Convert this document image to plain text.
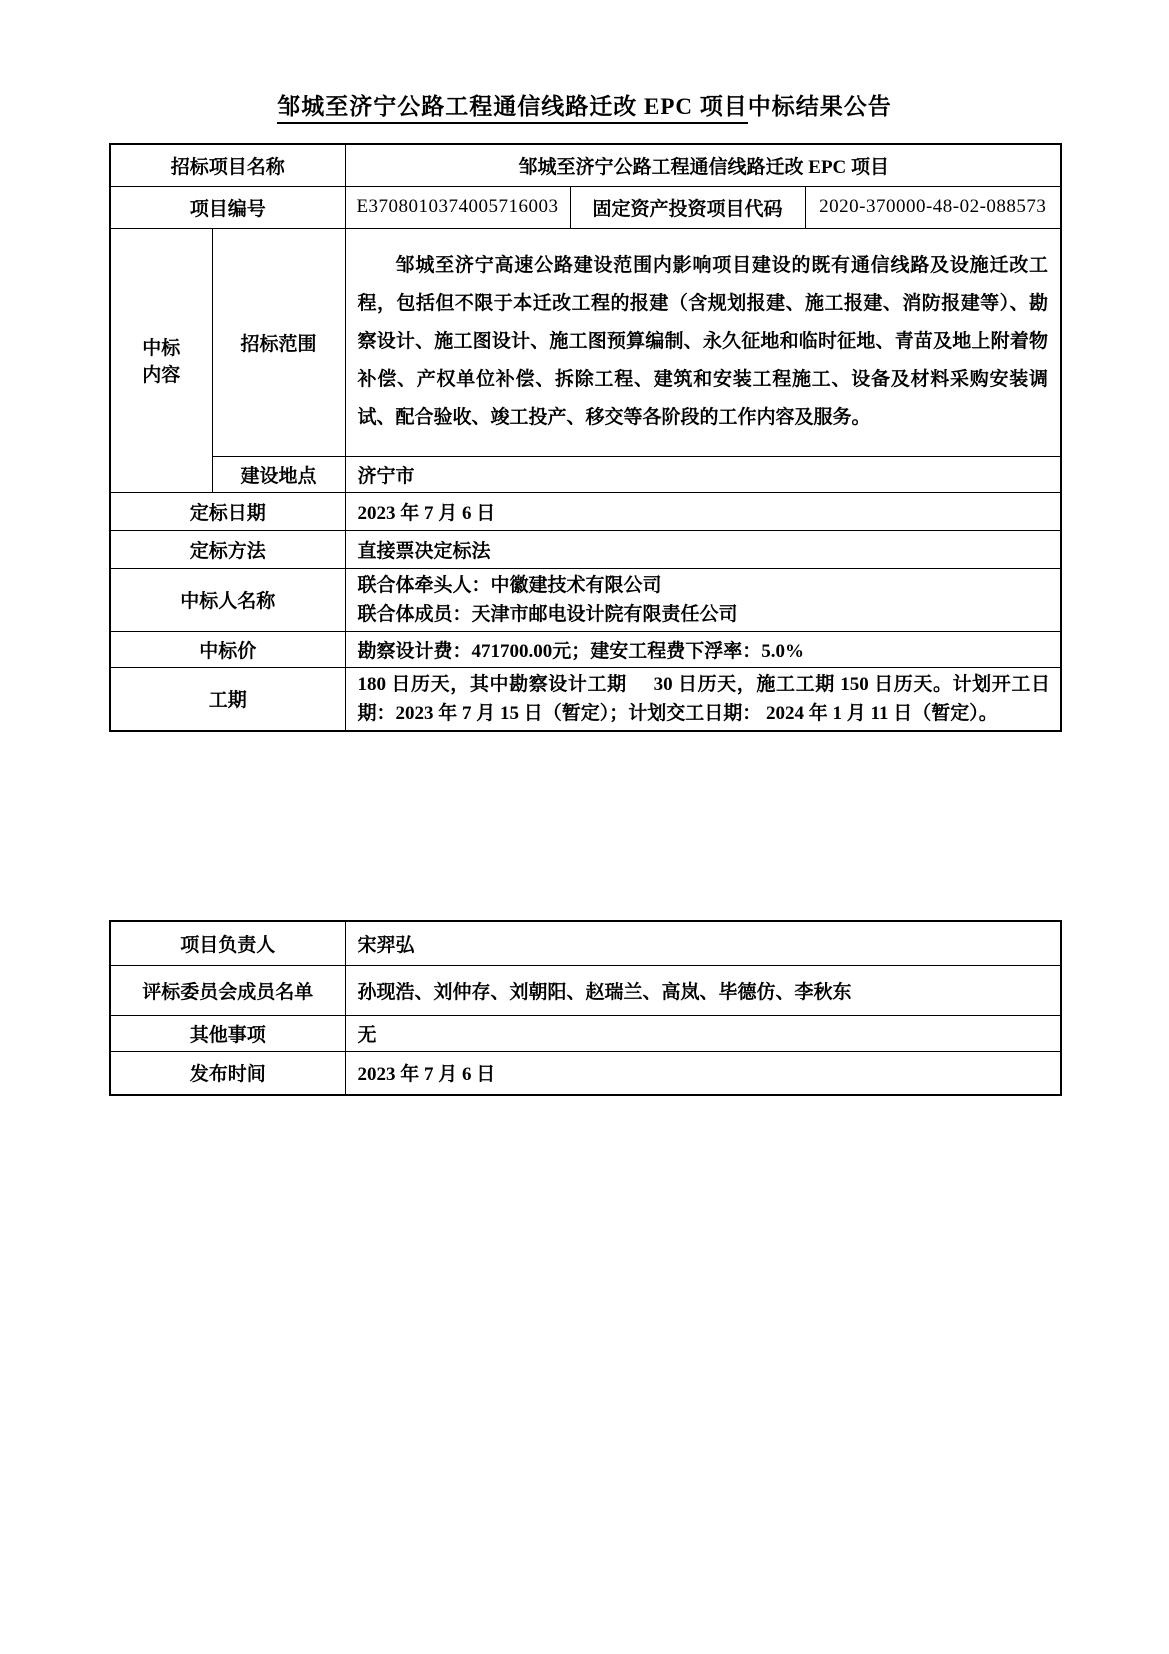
邹城至济宁公路工程通信线路迁改 EPC 项目中标结果公告
招标项目名称		邹城至济宁公路工程通信线路迁改 EPC 项目		
项目编号		E3708010374005716003	固定资产投资项目代码	2020-370000-48-02-088573

中标
内容	招标范围	邹城至济宁高速公路建设范围内影响项目建设的既有通信线路及设施迁改工程，包括但不限于本迁改工程的报建（含规划报建、施工报建、消防报建等）、勘察设计、施工图设计、施工图预算编制、永久征地和临时征地、青苗及地上附着物补偿、产权单位补偿、拆除工程、建筑和安装工程施工、设备及材料采购安装调试、配合验收、竣工投产、移交等各阶段的工作内容及服务。		

	建设地点	济宁市		
定标日期		2023 年 7 月 6 日		
定标方法		直接票决定标法		
中标人名称		联合体牵头人：中徽建技术有限公司
联合体成员：天津市邮电设计院有限责任公司		

中标价		勘察设计费：471700.00元；建安工程费下浮率：5.0%		
工期		180 日历天，其中勘察设计工期     30 日历天，施工工期 150 日历天。计划开工日期：2023 年 7 月 15 日（暂定）；计划交工日期： 2024 年 1 月 11 日（暂定）。		
项目负责人	宋羿弘
评标委员会成员名单	孙现浩、刘仲存、刘朝阳、赵瑞兰、高岚、毕德仿、李秋东
其他事项	无
发布时间	2023 年 7 月 6 日
